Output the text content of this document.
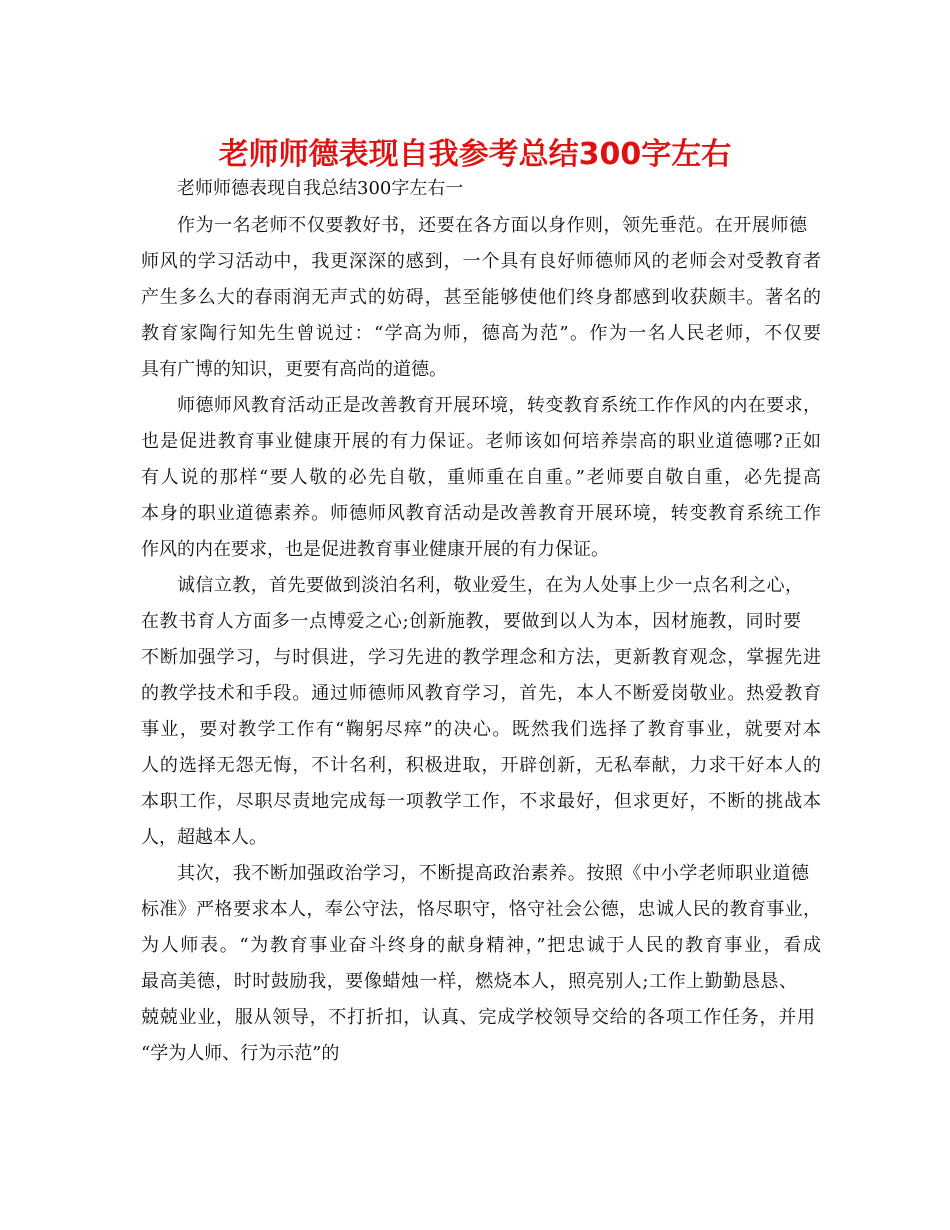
老师师德表现自我参考总结300字左右

老师师德表现自我总结300字左右一

作为一名老师不仅要教好书，还要在各方面以身作则，领先垂范。在开展师德

师风的学习活动中，我更深深的感到，一个具有良好师德师风的老师会对受教育者

产生多么大的春雨润无声式的妨碍，甚至能够使他们终身都感到收获颇丰。著名的

教育家陶行知先生曾说过：“学高为师，德高为范”。作为一名人民老师，不仅要

具有广博的知识，更要有高尚的道德。

师德师风教育活动正是改善教育开展环境，转变教育系统工作作风的内在要求，

也是促进教育事业健康开展的有力保证。老师该如何培养崇高的职业道德哪?正如

有人说的那样“要人敬的必先自敬，重师重在自重。”老师要自敬自重，必先提高

本身的职业道德素养。师德师风教育活动是改善教育开展环境，转变教育系统工作

作风的内在要求，也是促进教育事业健康开展的有力保证。

诚信立教，首先要做到淡泊名利，敬业爱生，在为人处事上少一点名利之心，

在教书育人方面多一点博爱之心;创新施教，要做到以人为本，因材施教，同时要

不断加强学习，与时俱进，学习先进的教学理念和方法，更新教育观念，掌握先进

的教学技术和手段。通过师德师风教育学习，首先，本人不断爱岗敬业。热爱教育

事业，要对教学工作有“鞠躬尽瘁”的决心。既然我们选择了教育事业，就要对本

人的选择无怨无悔，不计名利，积极进取，开辟创新，无私奉献，力求干好本人的

本职工作，尽职尽责地完成每一项教学工作，不求最好，但求更好，不断的挑战本

人，超越本人。

其次，我不断加强政治学习，不断提高政治素养。按照《中小学老师职业道德

标准》严格要求本人，奉公守法，恪尽职守，恪守社会公德，忠诚人民的教育事业，

为人师表。“为教育事业奋斗终身的献身精神，”把忠诚于人民的教育事业，看成

最高美德，时时鼓励我，要像蜡烛一样，燃烧本人，照亮别人;工作上勤勤恳恳、

兢兢业业，服从领导，不打折扣，认真、完成学校领导交给的各项工作任务，并用

“学为人师、行为示范”的
